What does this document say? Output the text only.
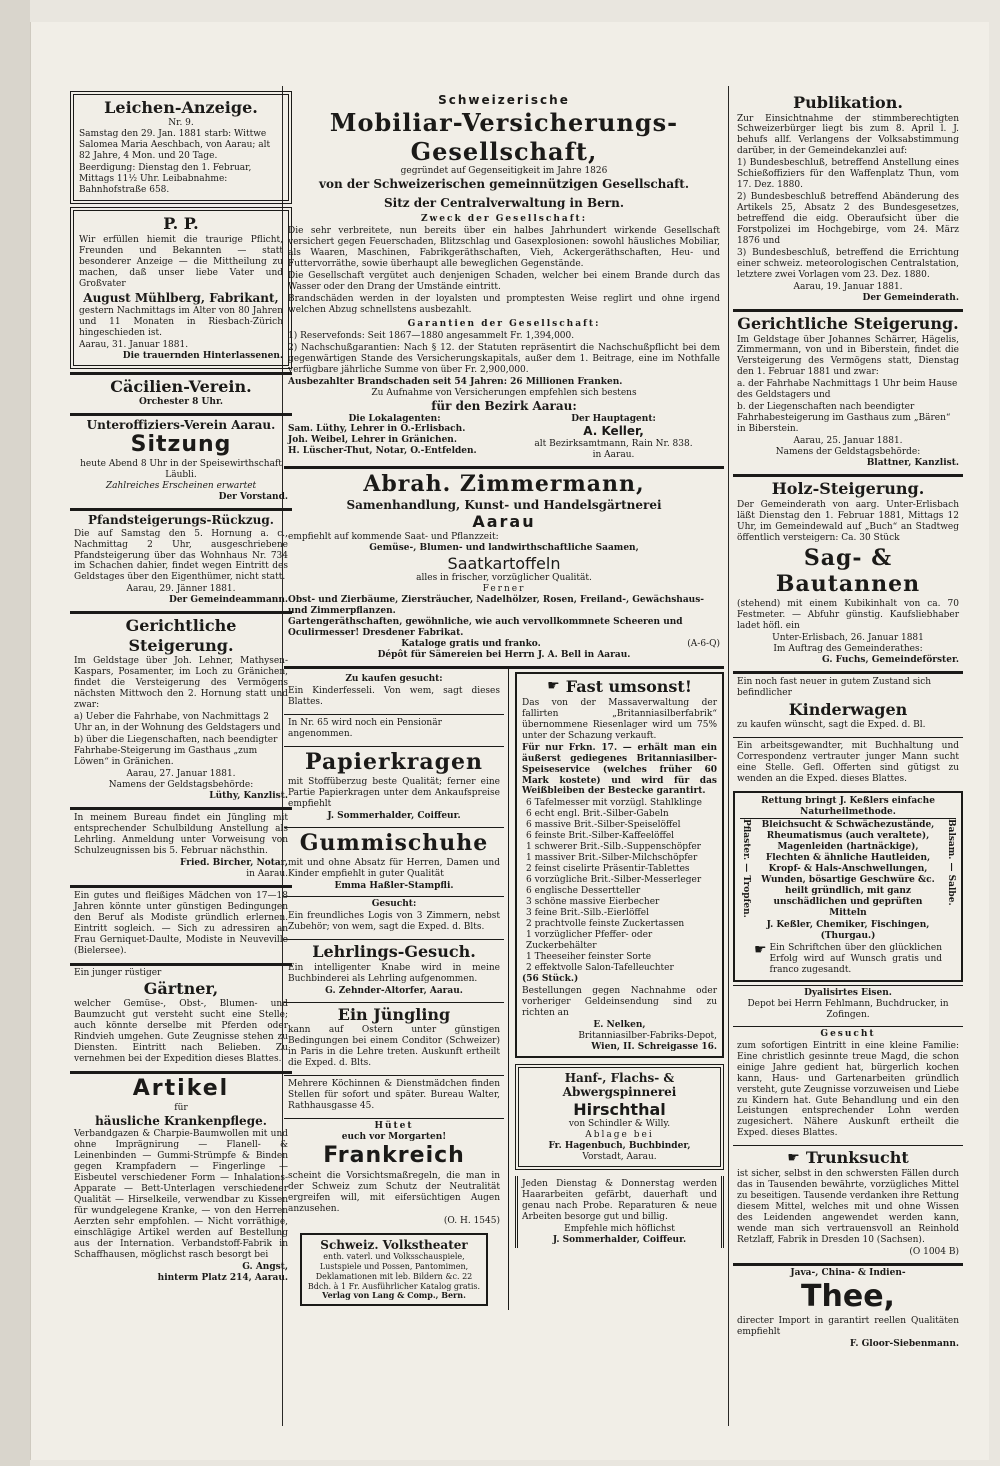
Leichen-Anzeige.
Nr. 9.

Samstag den 29. Jan. 1881 starb: Wittwe Salomea Maria Aeschbach, von Aarau; alt 82 Jahre, 4 Mon. und 20 Tage.

Beerdigung: Dienstag den 1. Februar, Mittags 11½ Uhr. Leibabnahme: Bahnhofstraße 658.

P. P.

Wir erfüllen hiemit die traurige Pflicht, Freunden und Bekannten — statt besonderer Anzeige — die Mittheilung zu machen, daß unser liebe Vater und Großvater

August Mühlberg, Fabrikant,

gestern Nachmittags im Alter von 80 Jahren und 11 Monaten in Riesbach-Zürich hingeschieden ist.

Aarau, 31. Januar 1881.
Die trauernden Hinterlassenen.
Cäcilien-Verein.
Orchester 8 Uhr.
Unteroffiziers-Verein Aarau.
Sitzung
heute Abend 8 Uhr in der Speisewirthschaft Läubli.
Zahlreiches Erscheinen erwartet
Der Vorstand.
Pfandsteigerungs-Rückzug.

Die auf Samstag den 5. Hornung a. c., Nachmittag 2 Uhr, ausgeschriebene Pfandsteigerung über das Wohnhaus Nr. 734 im Schachen dahier, findet wegen Eintritt des Geldstages über den Eigenthümer, nicht statt.

Aarau, 29. Jänner 1881.
Der Gemeindeammann.
Gerichtliche Steigerung.

Im Geldstage über Joh. Lehner, Mathysen-Kaspars, Posamenter, im Loch zu Gränichen, findet die Versteigerung des Vermögens nächsten Mittwoch den 2. Hornung statt und zwar:

a) Ueber die Fahrhabe, von Nachmittags 2 Uhr an, in der Wohnung des Geldstagers und

b) über die Liegenschaften, nach beendigter Fahrhabe-Steigerung im Gasthaus „zum Löwen“ in Gränichen.

Aarau, 27. Januar 1881.
Namens der Geldstagsbehörde:
Lüthy, Kanzlist.

In meinem Bureau findet ein Jüngling mit entsprechender Schulbildung Anstellung als Lehrling. Anmeldung unter Vorweisung von Schulzeugnissen bis 5. Februar nächsthin.

Fried. Bircher, Notar,
in Aarau.

Ein gutes und fleißiges Mädchen von 17—18 Jahren könnte unter günstigen Bedingungen den Beruf als Modiste gründlich erlernen. Eintritt sogleich. — Sich zu adressiren an Frau Gerniquet-Daulte, Modiste in Neuveville (Bielersee).

Ein junger rüstiger
Gärtner,

welcher Gemüse-, Obst-, Blumen- und Baumzucht gut versteht sucht eine Stelle; auch könnte derselbe mit Pferden oder Rindvieh umgehen. Gute Zeugnisse stehen zu Diensten. Eintritt nach Belieben. Zu vernehmen bei der Expedition dieses Blattes.

Artikel
für
häusliche Krankenpflege.

Verbandgazen & Charpie-Baumwollen mit und ohne Imprägnirung — Flanell- & Leinenbinden — Gummi-Strümpfe & Binden gegen Krampfadern — Fingerlinge — Eisbeutel verschiedener Form — Inhalations-Apparate — Bett-Unterlagen verschiedener Qualität — Hirselkeile, verwendbar zu Kissen für wundgelegene Kranke, — von den Herren Aerzten sehr empfohlen. — Nicht vorräthige, einschlägige Artikel werden auf Bestellung aus der Internation. Verbandstoff-Fabrik in Schaffhausen, möglichst rasch besorgt bei

G. Angst,
hinterm Platz 214, Aarau.
Schweizerische
Mobiliar-Versicherungs-Gesellschaft,
gegründet auf Gegenseitigkeit im Jahre 1826
von der Schweizerischen gemeinnützigen Gesellschaft.
Sitz der Centralverwaltung in Bern.
Zweck der Gesellschaft:

Die sehr verbreitete, nun bereits über ein halbes Jahrhundert wirkende Gesellschaft versichert gegen Feuerschaden, Blitzschlag und Gasexplosionen: sowohl häusliches Mobiliar, als Waaren, Maschinen, Fabrikgeräthschaften, Vieh, Ackergeräthschaften, Heu- und Futtervorräthe, sowie überhaupt alle beweglichen Gegenstände.

Die Gesellschaft vergütet auch denjenigen Schaden, welcher bei einem Brande durch das Wasser oder den Drang der Umstände eintritt.

Brandschäden werden in der loyalsten und promptesten Weise reglirt und ohne irgend welchen Abzug schnellstens ausbezahlt.

Garantien der Gesellschaft:

1) Reservefonds: Seit 1867—1880 angesammelt Fr. 1,394,000.

2) Nachschußgarantien: Nach § 12. der Statuten repräsentirt die Nachschußpflicht bei dem gegenwärtigen Stande des Versicherungskapitals, außer dem 1. Beitrage, eine im Nothfalle verfügbare jährliche Summe von über Fr. 2,900,000.

Ausbezahlter Brandschaden seit 54 Jahren: 26 Millionen Franken.
Zu Aufnahme von Versicherungen empfehlen sich bestens
für den Bezirk Aarau:
Die Lokalagenten:
Sam. Lüthy, Lehrer in O.-Erlisbach.
Joh. Weibel, Lehrer in Gränichen.
H. Lüscher-Thut, Notar, O.-Entfelden.
Der Hauptagent:
A. Keller,
alt Bezirksamtmann, Rain Nr. 838.
in Aarau.
Abrah. Zimmermann,
Samenhandlung, Kunst- und Handelsgärtnerei
Aarau
empfiehlt auf kommende Saat- und Pflanzzeit:
Gemüse-, Blumen- und landwirthschaftliche Saamen,
Saatkartoffeln
alles in frischer, vorzüglicher Qualität.
Ferner
Obst- und Zierbäume, Ziersträucher, Nadelhölzer, Rosen, Freiland-, Gewächshaus- und Zimmerpflanzen.
Gartengeräthschaften, gewöhnliche, wie auch vervollkommnete Scheeren und Oculirmesser! Dresdener Fabrikat.
Kataloge gratis und franko.	(A-6-Q)
Dépôt für Sämereien bei Herrn J. A. Bell in Aarau.
Zu kaufen gesucht:

Ein Kinderfesseli. Von wem, sagt dieses Blattes.

In Nr. 65 wird noch ein Pensionär angenommen.

Papierkragen

mit Stoffüberzug beste Qualität; ferner eine Partie Papierkragen unter dem Ankaufspreise empfiehlt

J. Sommerhalder, Coiffeur.
Gummischuhe

mit und ohne Absatz für Herren, Damen und Kinder empfiehlt in guter Qualität

Emma Haßler-Stampfli.
Gesucht:

Ein freundliches Logis von 3 Zimmern, nebst Zubehör; von wem, sagt die Exped. d. Blts.

Lehrlings-Gesuch.

Ein intelligenter Knabe wird in meine Buchbinderei als Lehrling aufgenommen.

G. Zehnder-Altorfer, Aarau.
Ein Jüngling

kann auf Ostern unter günstigen Bedingungen bei einem Conditor (Schweizer) in Paris in die Lehre treten. Auskunft ertheilt die Exped. d. Blts.

Mehrere Köchinnen & Dienstmädchen finden Stellen für sofort und später. Bureau Walter, Rathhausgasse 45.

Hütet
euch vor Morgarten!
Frankreich

scheint die Vorsichtsmaßregeln, die man in der Schweiz zum Schutz der Neutralität ergreifen will, mit eifersüchtigen Augen anzusehen.

(O. H. 1545)
Schweiz. Volkstheater
enth. vaterl. und Volksschauspiele, Lustspiele und Possen, Pantomimen, Deklamationen mit leb. Bildern &c. 22 Bdch. à 1 Fr. Ausführlicher Katalog gratis.
Verlag von Lang & Comp., Bern.
☛ Fast umsonst!

Das von der Massaverwaltung der fallirten „Britanniasilberfabrik“ übernommene Riesenlager wird um 75% unter der Schazung verkauft.

Für nur Frkn. 17. — erhält man ein äußerst gediegenes Britanniasilber-Speiseservice (welches früher 60 Mark kostete) und wird für das Weißbleiben der Bestecke garantirt.

6 Tafelmesser mit vorzügl. Stahlklinge
6 echt engl. Brit.-Silber-Gabeln
6 massive Brit.-Silber-Speiselöffel
6 feinste Brit.-Silber-Kaffeelöffel
1 schwerer Brit.-Silb.-Suppenschöpfer
1 massiver Brit.-Silber-Milchschöpfer
2 feinst ciselirte Präsentir-Tablettes
6 vorzügliche Brit.-Silber-Messerleger
6 englische Dessertteller
3 schöne massive Eierbecher
3 feine Brit.-Silb.-Eierlöffel
2 prachtvolle feinste Zuckertassen
1 vorzüglicher Pfeffer- oder Zuckerbehälter
1 Theeseiher feinster Sorte
2 effektvolle Salon-Tafelleuchter
(56 Stück.)

Bestellungen gegen Nachnahme oder vorheriger Geldeinsendung sind zu richten an

E. Nelken,
Britanniasilber-Fabriks-Depot,
Wien, II. Schreigasse 16.
Hanf-, Flachs- & Abwergspinnerei
Hirschthal
von Schindler & Willy.
Ablage bei
Fr. Hagenbuch, Buchbinder,
Vorstadt, Aarau.

Jeden Dienstag & Donnerstag werden Haararbeiten gefärbt, dauerhaft und genau nach Probe. Reparaturen & neue Arbeiten besorge gut und billig.

Empfehle mich höflichst
J. Sommerhalder, Coiffeur.
Publikation.

Zur Einsichtnahme der stimmberechtigten Schweizerbürger liegt bis zum 8. April l. J. behufs allf. Verlangens der Volksabstimmung darüber, in der Gemeindekanzlei auf:

1) Bundesbeschluß, betreffend Anstellung eines Schießoffiziers für den Waffenplatz Thun, vom 17. Dez. 1880.

2) Bundesbeschluß betreffend Abänderung des Artikels 25, Absatz 2 des Bundesgesetzes, betreffend die eidg. Oberaufsicht über die Forstpolizei im Hochgebirge, vom 24. März 1876 und

3) Bundesbeschluß, betreffend die Errichtung einer schweiz. meteorologischen Centralstation, letztere zwei Vorlagen vom 23. Dez. 1880.

Aarau, 19. Januar 1881.
Der Gemeinderath.
Gerichtliche Steigerung.

Im Geldstage über Johannes Schärrer, Hägelis, Zimmermann, von und in Biberstein, findet die Versteigerung des Vermögens statt, Dienstag den 1. Februar 1881 und zwar:

a. der Fahrhabe Nachmittags 1 Uhr beim Hause des Geldstagers und

b. der Liegenschaften nach beendigter Fahrhabesteigerung im Gasthaus zum „Bären“ in Biberstein.

Aarau, 25. Januar 1881.
Namens der Geldstagsbehörde:
Blattner, Kanzlist.
Holz-Steigerung.

Der Gemeinderath von aarg. Unter-Erlisbach läßt Dienstag den 1. Februar 1881, Mittags 12 Uhr, im Gemeindewald auf „Buch“ an Stadtweg öffentlich versteigern: Ca. 30 Stück

Sag- & Bautannen

(stehend) mit einem Kubikinhalt von ca. 70 Festmeter. — Abfuhr günstig. Kaufsliebhaber ladet höfl. ein

Unter-Erlisbach, 26. Januar 1881
Im Auftrag des Gemeinderathes:
G. Fuchs, Gemeindeförster.

Ein noch fast neuer in gutem Zustand sich befindlicher

Kinderwagen

zu kaufen wünscht, sagt die Exped. d. Bl.

Ein arbeitsgewandter, mit Buchhaltung und Correspondenz vertrauter junger Mann sucht eine Stelle. Gefl. Offerten sind gütigst zu wenden an die Exped. dieses Blattes.

Rettung bringt J. Keßlers einfache Naturheilmethode.
Pflaster. — Tropfen.	Bleichsucht & Schwächezustände, Rheumatismus (auch veraltete), Magenleiden (hartnäckige), Flechten & ähnliche Hautleiden, Kropf- & Hals-Anschwellungen, Wunden, bösartige Geschwüre &c. heilt gründlich, mit ganz unschädlichen und geprüften Mitteln

J. Keßler, Chemiker, Fischingen, (Thurgau.)
☛ Ein Schriftchen über den glücklichen Erfolg wird auf Wunsch gratis und franco zugesandt.

Balsam. — Salbe.
Dyalisirtes Eisen.
Depot bei Herrn Fehlmann, Buchdrucker, in Zofingen.
Gesucht

zum sofortigen Eintritt in eine kleine Familie: Eine christlich gesinnte treue Magd, die schon einige Jahre gedient hat, bürgerlich kochen kann, Haus- und Gartenarbeiten gründlich versteht, gute Zeugnisse vorzuweisen und Liebe zu Kindern hat. Gute Behandlung und ein den Leistungen entsprechender Lohn werden zugesichert. Nähere Auskunft ertheilt die Exped. dieses Blattes.

☛ Trunksucht

ist sicher, selbst in den schwersten Fällen durch das in Tausenden bewährte, vorzügliches Mittel zu beseitigen. Tausende verdanken ihre Rettung diesem Mittel, welches mit und ohne Wissen des Leidenden angewendet werden kann, wende man sich vertrauensvoll an Reinhold Retzlaff, Fabrik in Dresden 10 (Sachsen).

(O 1004 B)
Java-, China- & Indien-
Thee,

directer Import in garantirt reellen Qualitäten empfiehlt

F. Gloor-Siebenmann.
